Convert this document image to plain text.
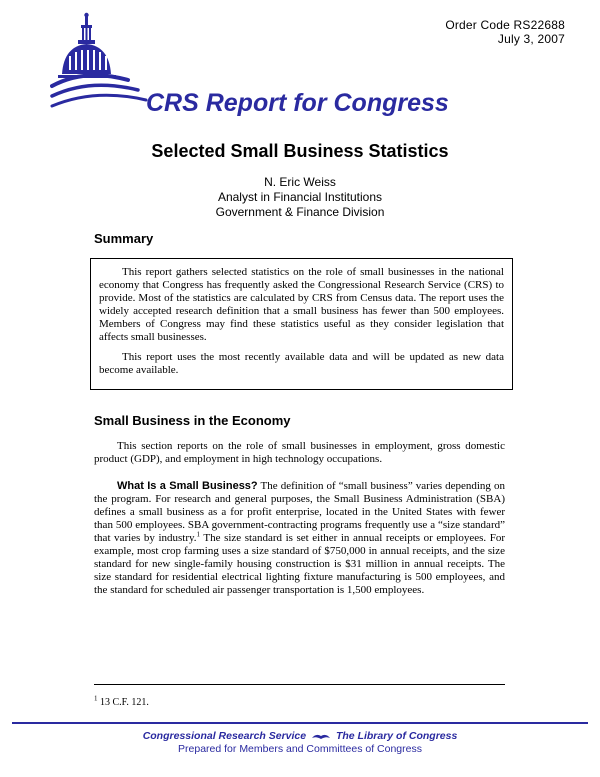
Order Code RS22688
July 3, 2007
CRS Report for Congress
Selected Small Business Statistics
N. Eric Weiss
Analyst in Financial Institutions
Government & Finance Division
Summary

This report gathers selected statistics on the role of small businesses in the national economy that Congress has frequently asked the Congressional Research Service (CRS) to provide. Most of the statistics are calculated by CRS from Census data. The report uses the widely accepted research definition that a small business has fewer than 500 employees. Members of Congress may find these statistics useful as they consider legislation that affects small businesses.

This report uses the most recently available data and will be updated as new data become available.

Small Business in the Economy

This section reports on the role of small businesses in employment, gross domestic product (GDP), and employment in high technology occupations.

What Is a Small Business? The definition of “small business” varies depending on the program. For research and general purposes, the Small Business Administration (SBA) defines a small business as a for profit enterprise, located in the United States with fewer than 500 employees. SBA government-contracting programs frequently use a “size standard” that varies by industry.$^1$ The size standard is set either in annual receipts or employees. For example, most crop farming uses a size standard of $750,000 in annual receipts, and the size standard for new single-family housing construction is $31 million in annual receipts. The size standard for residential electrical lighting fixture manufacturing is 500 employees, and the standard for scheduled air passenger transportation is 1,500 employees.

$^1$ 13 C.F. 121.
Congressional Research Service	The Library of Congress
Prepared for Members and Committees of Congress
